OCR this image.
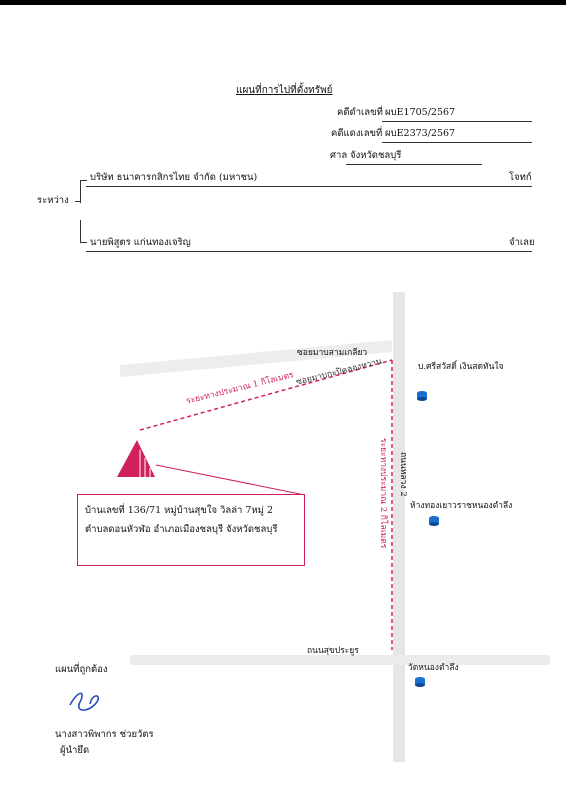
แผนที่การไปที่ตั้งทรัพย์
คดีดำเลขที่ ผบE1705/2567
คดีแดงเลขที่ ผบE2373/2567
ศาล จังหวัดชลบุรี
ระหว่าง
บริษัท ธนาคารกสิกรไทย จำกัด (มหาชน)	โจทก์
นายพิสูตร แก่นทองเจริญ	จำเลย
ซอยมาบสามเกลียว
ซอยมาบกะปิคลองหวาน
ระยะทางประมาณ 1 กิโลเมตร
ถนนหลวง 2
ระยะทางประมาณ 2 กิโลเมตร
ถนนสุขประยูร
บ.ศรีสวัสดิ์ เงินสดทันใจ
ห้างทองเยาวราชหนองตำลึง
วัดหนองตำลึง
บ้านเลขที่ 136/71 หมู่บ้านสุขใจ วิลล่า 7หมู่ 2
ตำบลดอนหัวฬ่อ อำเภอเมืองชลบุรี จังหวัดชลบุรี
แผนที่ถูกต้อง
นางสาวพิพากร ช่วยวัตร
ผู้นำยึด
